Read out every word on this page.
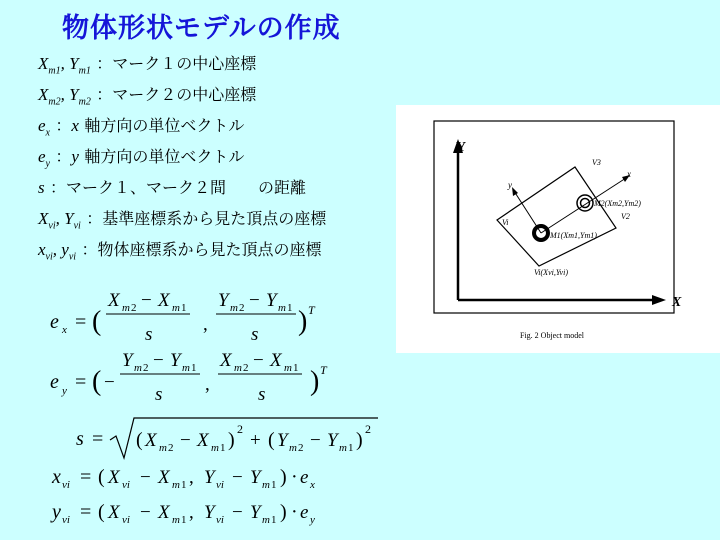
物体形状モデルの作成
$X_{m1}$, $Y_{m1}$ ：マーク１の中心座標
$X_{m2}$, $Y_{m2}$ ：マーク２の中心座標
$e_x$ ：x 軸方向の単位ベクトル
$e_y$ ：y 軸方向の単位ベクトル
s ：マーク１、マーク２間　　の距離
$X_{vi}$, $Y_{vi}$ ：基準座標系から見た頂点の座標
$x_{vi}$, $y_{vi}$ ：物体座標系から見た頂点の座標
Y
X
V3
V2
Vi
x
y
M2(Xm2,Ym2)
M1(Xm1,Ym1)
Vi(Xvi,Yvi)
Fig. 2 Object model
e x = (
X m 2 − X m 1
s	,
Y m 2 − Y m 1
s ) T
e y = ( −
Y m 2 − Y m 1
s ,
X m 2 − X m 1
s ) T
s = ( X m 2 − X m 1 ) 2
+ ( Y m 2 − Y m 1 ) 2
x vi = ( X vi − X m 1 , Y vi − Y m 1 ) · e x
y vi = ( X vi − X m 1 , Y vi − Y m 1 ) · e y
